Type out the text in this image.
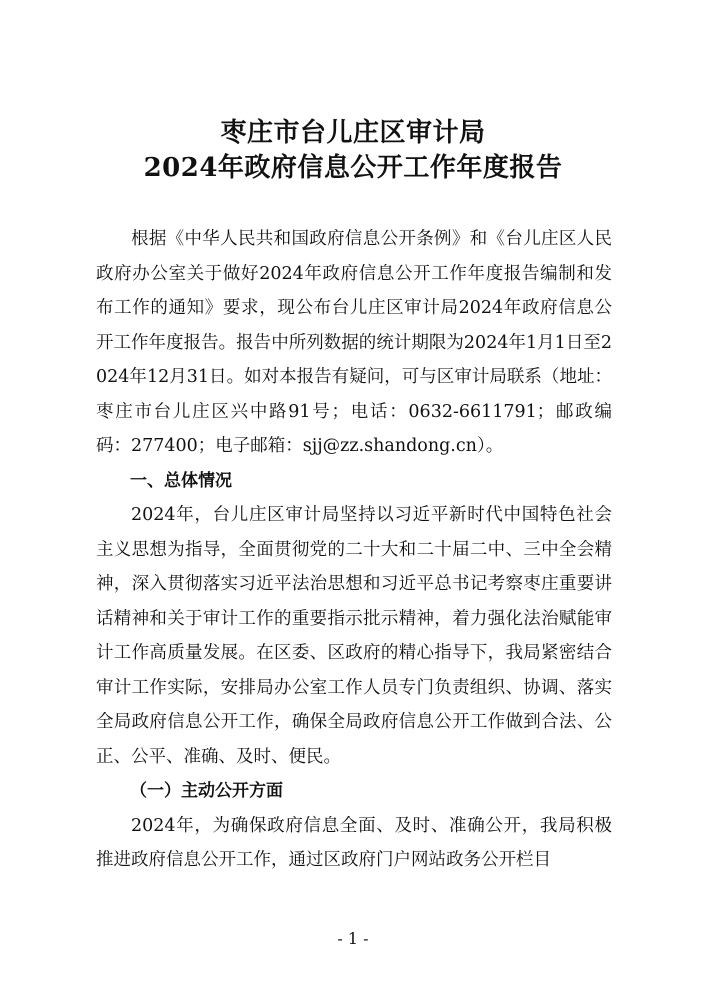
枣庄市台儿庄区审计局
2024年政府信息公开工作年度报告

根据《中华人民共和国政府信息公开条例》和《台儿庄区人民政府办公室关于做好2024年政府信息公开工作年度报告编制和发布工作的通知》要求，现公布台儿庄区审计局2024年政府信息公开工作年度报告。报告中所列数据的统计期限为2024年1月1日至2024年12月31日。如对本报告有疑问，可与区审计局联系（地址：枣庄市台儿庄区兴中路91号；电话：0632-6611791；邮政编码：277400；电子邮箱：sjj@zz.shandong.cn）。

一、总体情况

2024年，台儿庄区审计局坚持以习近平新时代中国特色社会主义思想为指导，全面贯彻党的二十大和二十届二中、三中全会精神，深入贯彻落实习近平法治思想和习近平总书记考察枣庄重要讲话精神和关于审计工作的重要指示批示精神，着力强化法治赋能审计工作高质量发展。在区委、区政府的精心指导下，我局紧密结合审计工作实际，安排局办公室工作人员专门负责组织、协调、落实全局政府信息公开工作，确保全局政府信息公开工作做到合法、公正、公平、准确、及时、便民。

（一）主动公开方面

2024年，为确保政府信息全面、及时、准确公开，我局积极推进政府信息公开工作，通过区政府门户网站政务公开栏目

- 1 -
